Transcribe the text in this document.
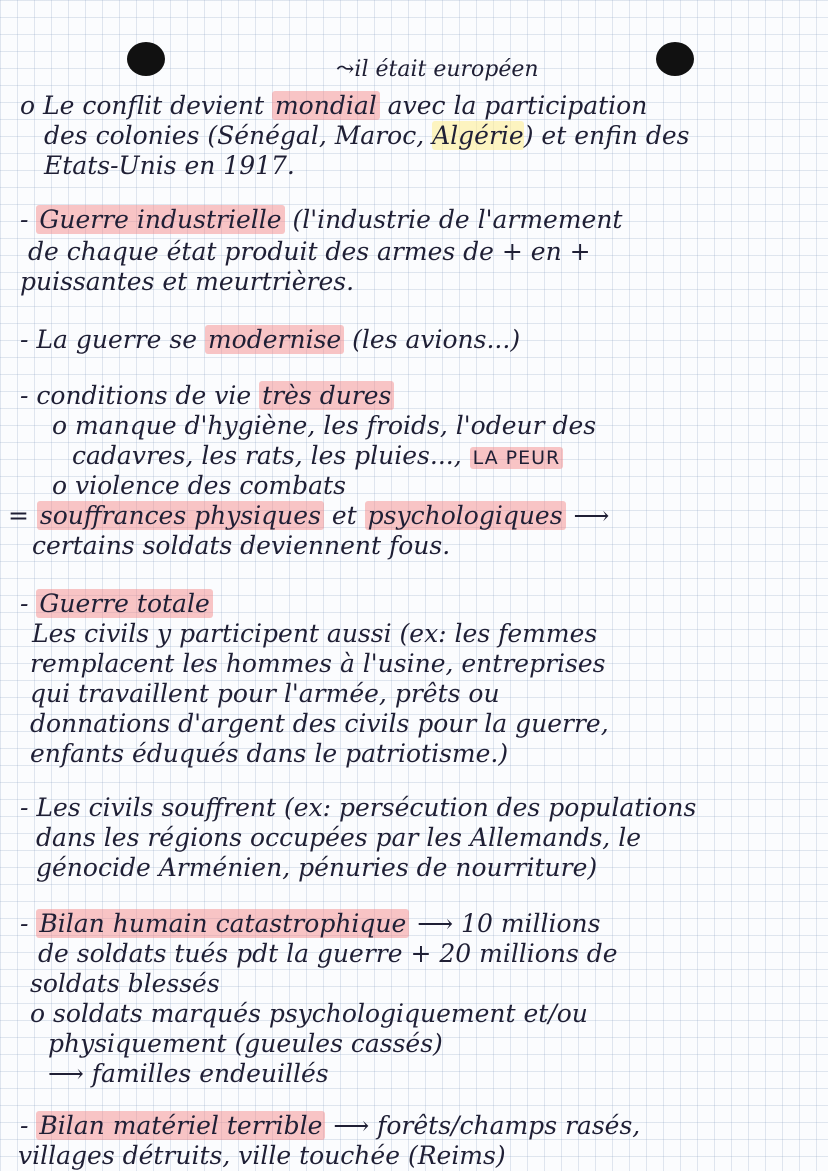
⤳il était européen
o Le conflit devient mondial avec la participation
des colonies (Sénégal, Maroc, Algérie) et enfin des
Etats-Unis en 1917.
- Guerre industrielle (l'industrie de l'armement
de chaque état produit des armes de + en +
puissantes et meurtrières.
- La guerre se modernise (les avions...)
- conditions de vie très dures
o manque d'hygiène, les froids, l'odeur des
cadavres, les rats, les pluies..., LA PEUR
o violence des combats
= souffrances physiques et psychologiques ⟶
certains soldats deviennent fous.
- Guerre totale
Les civils y participent aussi (ex: les femmes
remplacent les hommes à l'usine, entreprises
qui travaillent pour l'armée, prêts ou
donnations d'argent des civils pour la guerre,
enfants éduqués dans le patriotisme.)
- Les civils souffrent (ex: persécution des populations
dans les régions occupées par les Allemands, le
génocide Arménien, pénuries de nourriture)
- Bilan humain catastrophique ⟶ 10 millions
de soldats tués pdt la guerre + 20 millions de
soldats blessés
o soldats marqués psychologiquement et/ou
physiquement (gueules cassés)
⟶ familles endeuillés
- Bilan matériel terrible ⟶ forêts/champs rasés,
villages détruits, ville touchée (Reims)
